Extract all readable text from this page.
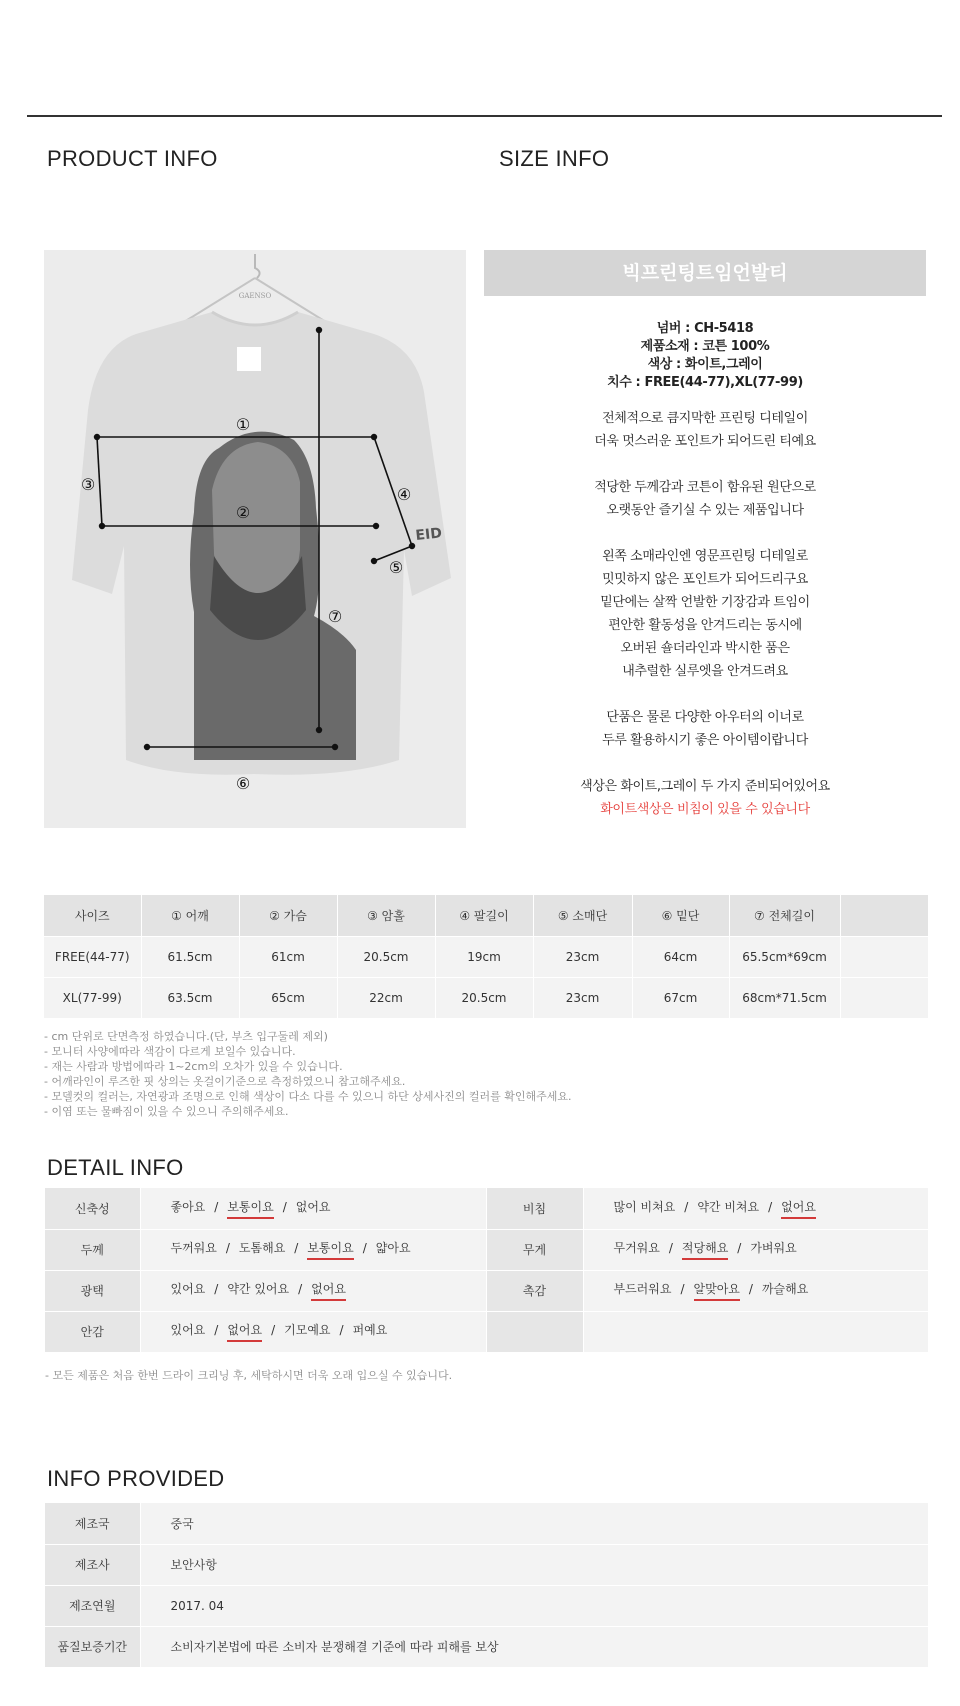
PRODUCT INFO	SIZE INFO
GAENSO
EID
①
②
③
④
⑤
⑥
⑦
빅프린팅트임언발티
넘버 : CH-5418
제품소재 : 코튼 100%
색상 : 화이트,그레이
치수 : FREE(44-77),XL(77-99)
전체적으로 큼지막한 프린팅 디테일이
더욱 멋스러운 포인트가 되어드린 티예요
적당한 두께감과 코튼이 함유된 원단으로
오랫동안 즐기실 수 있는 제품입니다
왼쪽 소매라인엔 영문프린팅 디테일로
밋밋하지 않은 포인트가 되어드리구요
밑단에는 살짝 언발한 기장감과 트임이
편안한 활동성을 안겨드리는 동시에
오버된 숄더라인과 박시한 품은
내추럴한 실루엣을 안겨드려요
단품은 물론 다양한 아우터의 이너로
두루 활용하시기 좋은 아이템이랍니다
색상은 화이트,그레이 두 가지 준비되어있어요
화이트색상은 비침이 있을 수 있습니다
사이즈	① 어깨	② 가슴	③ 암홀	④ 팔길이	⑤ 소매단	⑥ 밑단	⑦ 전체길이	
FREE(44-77)	61.5cm	61cm	20.5cm	19cm	23cm	64cm	65.5cm*69cm	
XL(77-99)	63.5cm	65cm	22cm	20.5cm	23cm	67cm	68cm*71.5cm	
- cm 단위로 단면측정 하였습니다.(단, 부츠 입구둘레 제외)
- 모니터 사양에따라 색감이 다르게 보일수 있습니다.
- 재는 사람과 방법에따라 1~2cm의 오차가 있을 수 있습니다.
- 어깨라인이 루즈한 핏 상의는 옷걸이기준으로 측정하였으니 참고해주세요.
- 모델컷의 컬러는, 자연광과 조명으로 인해 색상이 다소 다를 수 있으니 하단 상세사진의 컬러를 확인해주세요.
- 이염 또는 물빠짐이 있을 수 있으니 주의해주세요.
DETAIL INFO
신축성	좋아요 / 보통이요 / 없어요	비침	많이 비쳐요 / 약간 비쳐요 / 없어요
두께	두꺼워요 / 도톰해요 / 보통이요 / 얇아요	무게	무거워요 / 적당해요 / 가벼워요
광택	있어요 / 약간 있어요 / 없어요	촉감	부드러워요 / 알맞아요 / 까슬해요
안감	있어요 / 없어요 / 기모예요 / 퍼예요		
- 모든 제품은 처음 한번 드라이 크리닝 후, 세탁하시면 더욱 오래 입으실 수 있습니다.
INFO PROVIDED
제조국	중국
제조사	보안사항
제조연월	2017. 04
품질보증기간	소비자기본법에 따른 소비자 분쟁해결 기준에 따라 피해를 보상
